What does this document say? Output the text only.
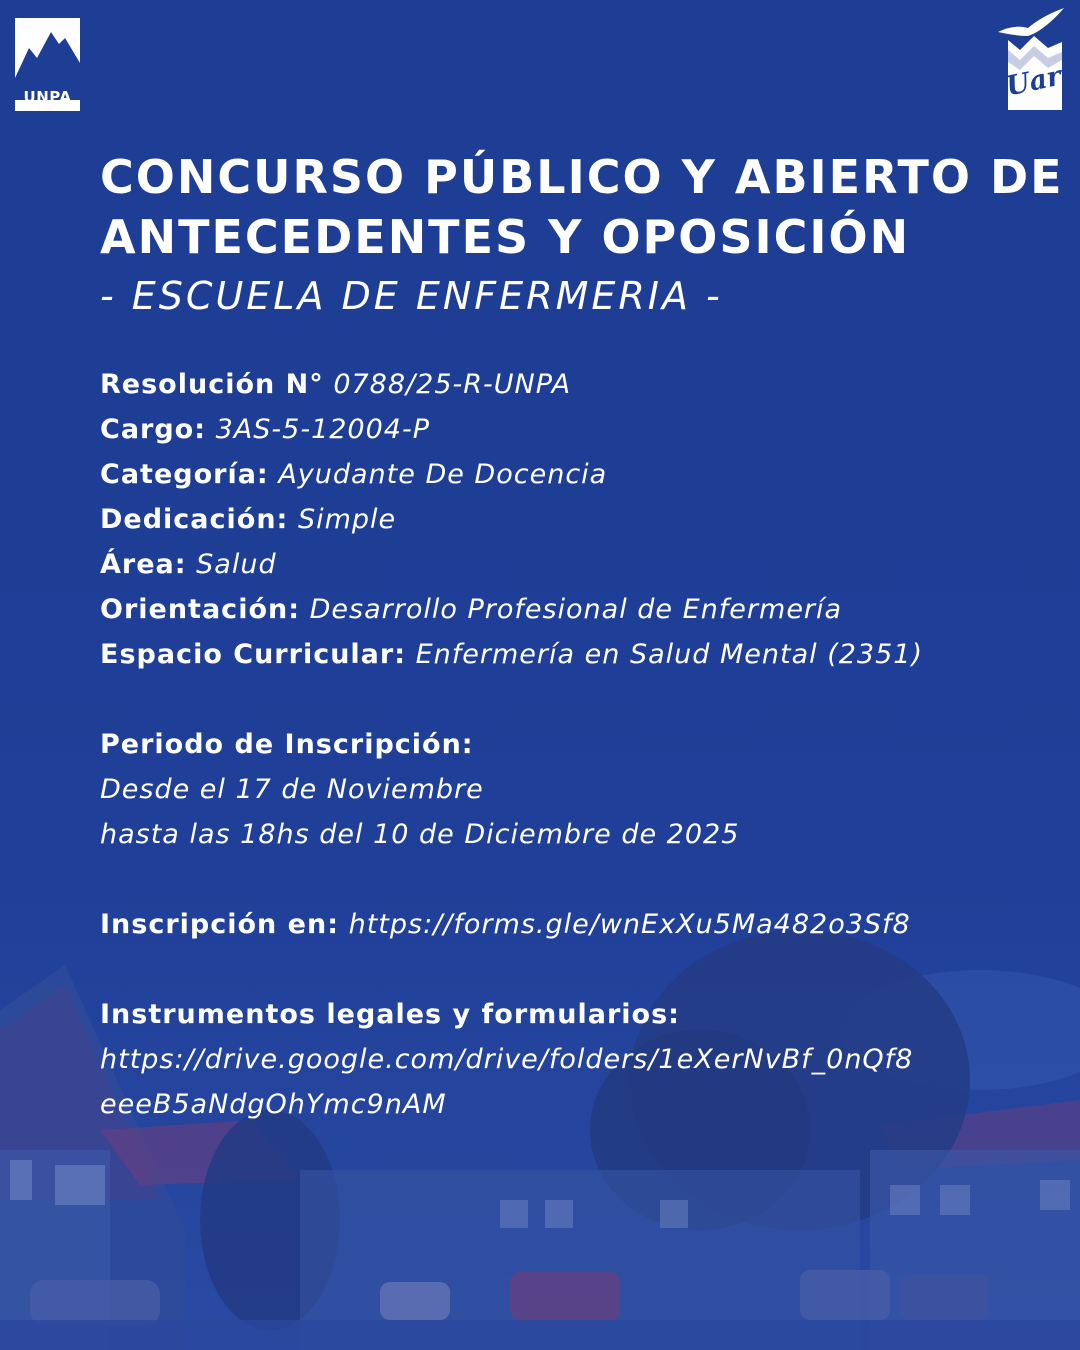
UNPA	Uart
CONCURSO PÚBLICO Y ABIERTO DE
ANTECEDENTES Y OPOSICIÓN
- ESCUELA DE ENFERMERIA -
Resolución N° 0788/25-R-UNPA
Cargo: 3AS-5-12004-P
Categoría: Ayudante De Docencia
Dedicación: Simple
Área: Salud
Orientación: Desarrollo Profesional de Enfermería
Espacio Curricular: Enfermería en Salud Mental (2351)
Periodo de Inscripción:
Desde el 17 de Noviembre
hasta las 18hs del 10 de Diciembre de 2025
Inscripción en: https://forms.gle/wnExXu5Ma482o3Sf8
Instrumentos legales y formularios:
https://drive.google.com/drive/folders/1eXerNvBf_0nQf8
eeeB5aNdgOhYmc9nAM
